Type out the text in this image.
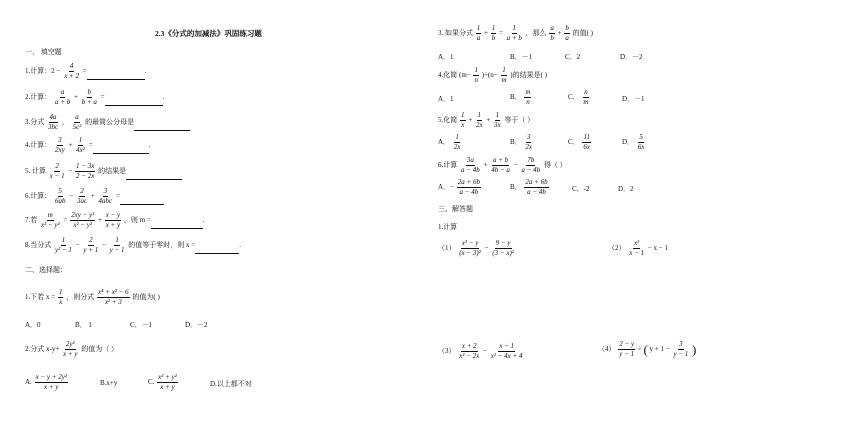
2.3《分式的加减法》巩固练习题
一、 填空题
1.计算：$2 - \frac{4}{x + 2}$ =	.
2.计算： $\frac{a}{a + b} + \frac{b}{b + a}$ =	.
3.分式 $\frac{4a}{3bc}$ ， $\frac{a}{\text{5c²}}$ 的最简公分母是
4.计算： $\frac{3}{2xy} + \frac{1}{\text{4x²}}$ =	.
5. 计算 $\frac{2}{x - 1} - \frac{1 - 3x}{2 - 2x}$ 的结果是
6.计算： $\frac{5}{6ab} - \frac{2}{3ac} + \frac{3}{\text{4abc}}$ =
7.若 $\frac{m}{\text{x² − y²}} = \frac{\text{2xy − y²}}{\text{x² − y²}} + \frac{x - y}{x + y}$ ，则 m =	.
8.当分式 $\frac{1}{\text{y² − 1}} - \frac{2}{y + 1} - \frac{1}{y - 1}$ 的值等于零时，则 x =	.
二、选择题：
1.下若 $x = \frac{1}{x}$ ，则分式 $\frac{\text{x⁴ + x² − 6}}{\text{x² + 3}}$ 的值为( )
A．0	B． 1	C．－1	D．－2
2.分式 $x-y+ \frac{\text{2y²}}{x + y}$ 的值为（ ）
A. $\frac{\text{x − y + 2y²}}{x + y}$	B.x+y	C. $\frac{\text{x² + y²}}{x + y}$	D.以上都不对
3. 如果分式 $\frac{1}{a} + \frac{1}{b} = \frac{1}{a + b}$ ，那么 $\frac{a}{b} + \frac{b}{a}$ 的值( )
A．1	B．－1	C．2	D．－2
4.化简 $(m- \frac{1}{n} )\div(n- \frac{1}{m}$ )的结果是( )
A．1	B． $\frac{m}{n}$	C． $\frac{n}{m}$	D．－1
5.化简 $\frac{1}{x} + \frac{1}{2x} + \frac{1}{3x}$ 等于（ ）
A． $\frac{1}{2x}$	B． $\frac{3}{2x}$	C． $\frac{11}{6x}$	D． $\frac{5}{6x}$
6.计算 $\frac{3a}{a - 4b} + \frac{a + b}{4b - a} - \frac{7b}{a - 4b}$ 得（ ）
A．− $\frac{2a + 6b}{a - 4b}$	B． $\frac{2a + 6b}{a - 4b}$	C．-2	D．2
三、解答题
1.计算
$(1) \frac{\text{x² − y}}{\text{(x − 3)²}} - \frac{9 - y}{\text{(3 − x)²}}$	$(2) \frac{\text{x²}}{x - 1} - x - 1$
$(3) \frac{x + 2}{\text{x² − 2x}} - \frac{x - 1}{\text{x² − 4x + 4}}$	$(4) \frac{2 - y}{y - 1}$ ÷ ( $y + 1 - \frac{3}{y - 1}$ )
